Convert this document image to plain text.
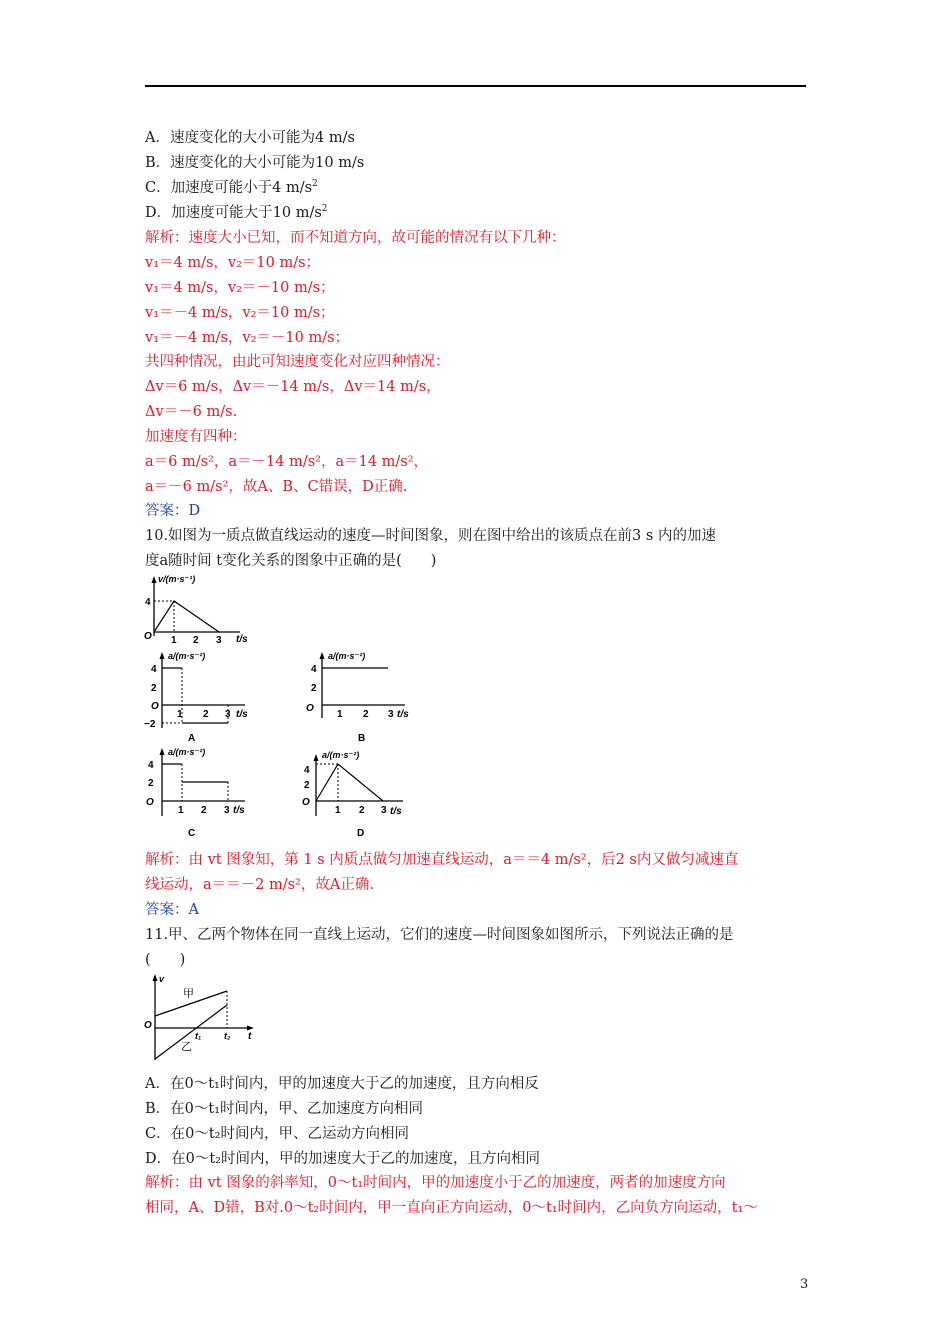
A．速度变化的大小可能为4 m/s
B．速度变化的大小可能为10 m/s
C．加速度可能小于4 $m/s^2$
D．加速度可能大于10 $m/s^2$
解析：速度大小已知，而不知道方向，故可能的情况有以下几种：
v₁＝4 m/s，v₂＝10 m/s；
v₁＝4 m/s，v₂＝－10 m/s；
v₁＝－4 m/s，v₂＝10 m/s；
v₁＝－4 m/s，v₂＝－10 m/s；
共四种情况，由此可知速度变化对应四种情况：
Δv＝6 m/s，Δv＝－14 m/s，Δv＝14 m/s，
Δv＝－6 m/s.
加速度有四种：
a＝6 m/s²，a＝－14 m/s²，a＝14 m/s²，
a＝－6 m/s²，故A、B、C错误，D正确.
答案：D
10.如图为一质点做直线运动的速度—时间图象，则在图中给出的该质点在前3 s 内的加速
度a随时间 t变化关系的图象中正确的是(　　)
v/(m·s⁻¹)
4
O 1 2 3 t/s
a/(m·s⁻²)
4
2
O
−2
1 2 3 t/s
A
a/(m·s⁻²)
4
2
O
1 2 3 t/s
B
a/(m·s⁻²)
4
2
O
1 2 3 t/s
C
a/(m·s⁻²)
4
2
O
1 2 3 t/s
D
解析：由 vt 图象知，第 1 s 内质点做匀加速直线运动，a＝＝4 m/s²，后2 s内又做匀减速直
线运动，a＝＝－2 m/s²，故A正确.
答案：A
11.甲、乙两个物体在同一直线上运动，它们的速度—时间图象如图所示，下列说法正确的是
(　　)
v
甲
乙
O
t₁	t₂ t
A．在0～t₁时间内，甲的加速度大于乙的加速度，且方向相反
B．在0～t₁时间内，甲、乙加速度方向相同
C．在0～t₂时间内，甲、乙运动方向相同
D．在0～t₂时间内，甲的加速度大于乙的加速度，且方向相同
解析：由 vt 图象的斜率知，0～t₁时间内，甲的加速度小于乙的加速度，两者的加速度方向
相同，A、D错，B对.0～t₂时间内，甲一直向正方向运动，0～t₁时间内，乙向负方向运动，t₁～
3
